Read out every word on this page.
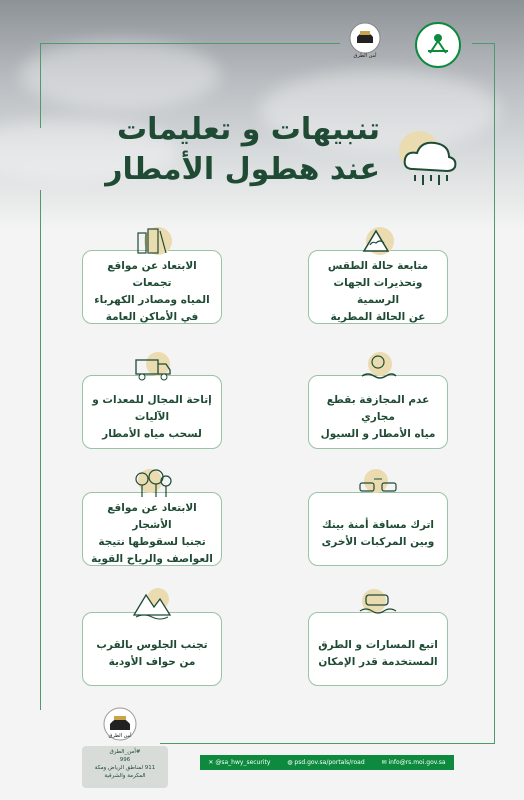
أمن الطرق
تنبيهات و تعليمات
عند هطول الأمطار
متابعة حالة الطقس
وتحذيرات الجهات الرسمية
عن الحالة المطرية
الابتعاد عن مواقع تجمعات
المياه ومصادر الكهرباء
في الأماكن العامة
عدم المجازفة بقطع مجاري
مياه الأمطار و السيول
إتاحة المجال للمعدات و الآليات
لسحب مياه الأمطار
اترك مسافة أمنة بينك
وبين المركبات الأخرى
الابتعاد عن مواقع الأشجار
تجنبا لسقوطها نتيجة
العواصف والرياح القوية
اتبع المسارات و الطرق
المستخدمة قدر الإمكان
تجنب الجلوس بالقرب
من حواف الأودية
أمن الطرق
#أمن_الطرق
996
911 لمناطق الرياض ومكة
المكرمة والشرقية
✕ @sa_hwy_security	◍ psd.gov.sa/portals/road	✉ info@rs.moi.gov.sa
